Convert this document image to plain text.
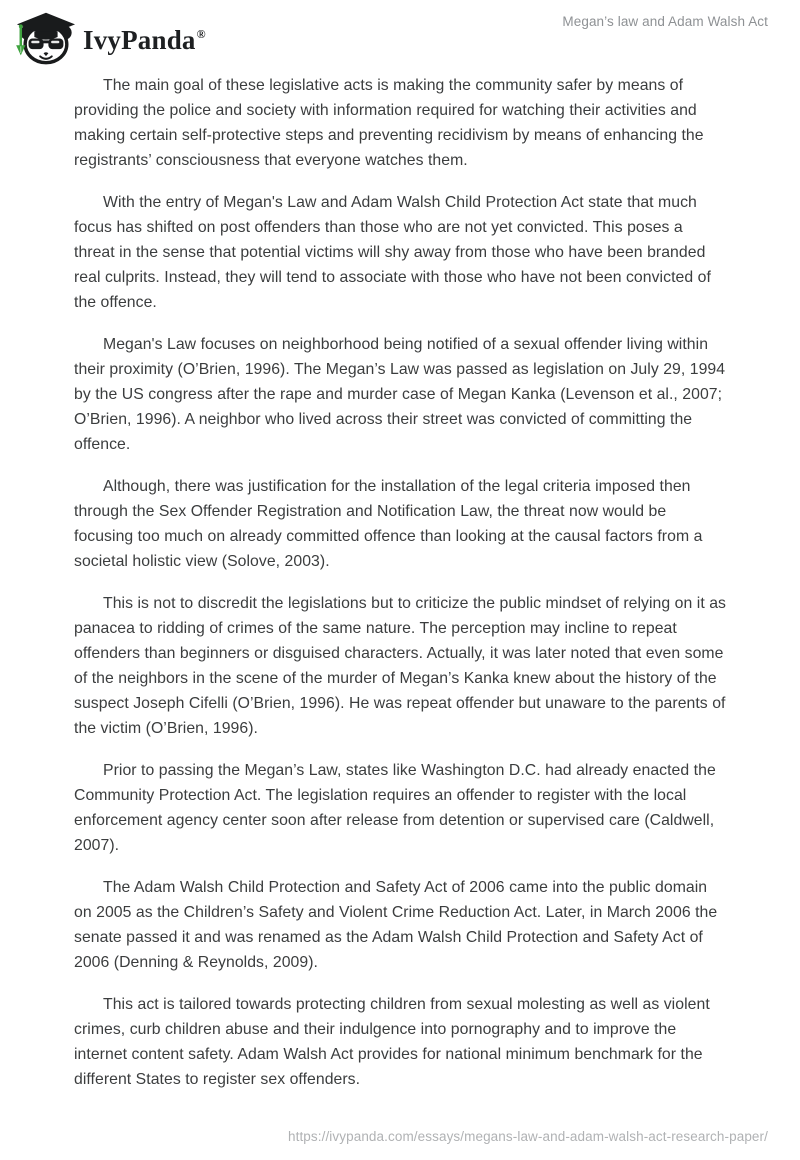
IvyPanda®
Megan’s law and Adam Walsh Act

The main goal of these legislative acts is making the community safer by means of providing the police and society with information required for watching their activities and making certain self-protective steps and preventing recidivism by means of enhancing the registrants’ consciousness that everyone watches them.

With the entry of Megan's Law and Adam Walsh Child Protection Act state that much focus has shifted on post offenders than those who are not yet convicted. This poses a threat in the sense that potential victims will shy away from those who have been branded real culprits. Instead, they will tend to associate with those who have not been convicted of the offence.

Megan's Law focuses on neighborhood being notified of a sexual offender living within their proximity (O’Brien, 1996). The Megan’s Law was passed as legislation on July 29, 1994 by the US congress after the rape and murder case of Megan Kanka (Levenson et al., 2007; O’Brien, 1996). A neighbor who lived across their street was convicted of committing the offence.

Although, there was justification for the installation of the legal criteria imposed then through the Sex Offender Registration and Notification Law, the threat now would be focusing too much on already committed offence than looking at the causal factors from a societal holistic view (Solove, 2003).

This is not to discredit the legislations but to criticize the public mindset of relying on it as panacea to ridding of crimes of the same nature. The perception may incline to repeat offenders than beginners or disguised characters. Actually, it was later noted that even some of the neighbors in the scene of the murder of Megan’s Kanka knew about the history of the suspect Joseph Cifelli (O’Brien, 1996). He was repeat offender but unaware to the parents of the victim (O’Brien, 1996).

Prior to passing the Megan’s Law, states like Washington D.C. had already enacted the Community Protection Act. The legislation requires an offender to register with the local enforcement agency center soon after release from detention or supervised care (Caldwell, 2007).

The Adam Walsh Child Protection and Safety Act of 2006 came into the public domain on 2005 as the Children’s Safety and Violent Crime Reduction Act. Later, in March 2006 the senate passed it and was renamed as the Adam Walsh Child Protection and Safety Act of 2006 (Denning & Reynolds, 2009).

This act is tailored towards protecting children from sexual molesting as well as violent crimes, curb children abuse and their indulgence into pornography and to improve the internet content safety. Adam Walsh Act provides for national minimum benchmark for the different States to register sex offenders.

https://ivypanda.com/essays/megans-law-and-adam-walsh-act-research-paper/
